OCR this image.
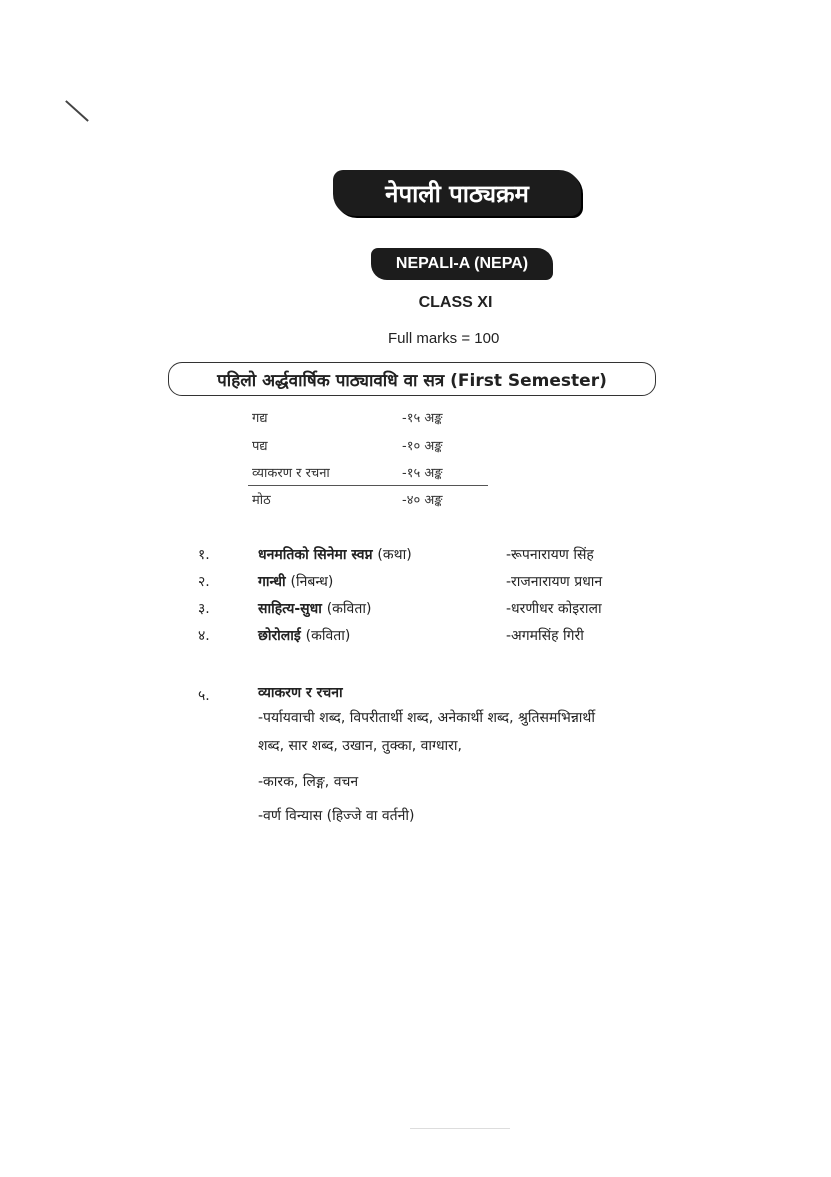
नेपाली पाठ्यक्रम
NEPALI-A (NEPA)
CLASS XI
Full marks = 100
पहिलो अर्द्धवार्षिक पाठ्यावधि वा सत्र (First Semester)
गद्य	-१५ अङ्क
पद्य	-१० अङ्क
व्याकरण र रचना	-१५ अङ्क
मोठ	-४० अङ्क
१.	धनमतिको सिनेमा स्वप्न (कथा)	-रूपनारायण सिंह
२.	गान्धी (निबन्ध)	-राजनारायण प्रधान
३.	साहित्य-सुधा (कविता)	-धरणीधर कोइराला
४.	छोरोलाई (कविता)	-अगमसिंह गिरी
५.	व्याकरण र रचना
-पर्यायवाची शब्द, विपरीतार्थी शब्द, अनेकार्थी शब्द, श्रुतिसमभिन्नार्थी
शब्द, सार शब्द, उखान, तुक्का, वाग्धारा,
-कारक, लिङ्ग, वचन
-वर्ण विन्यास (हिज्जे वा वर्तनी)
